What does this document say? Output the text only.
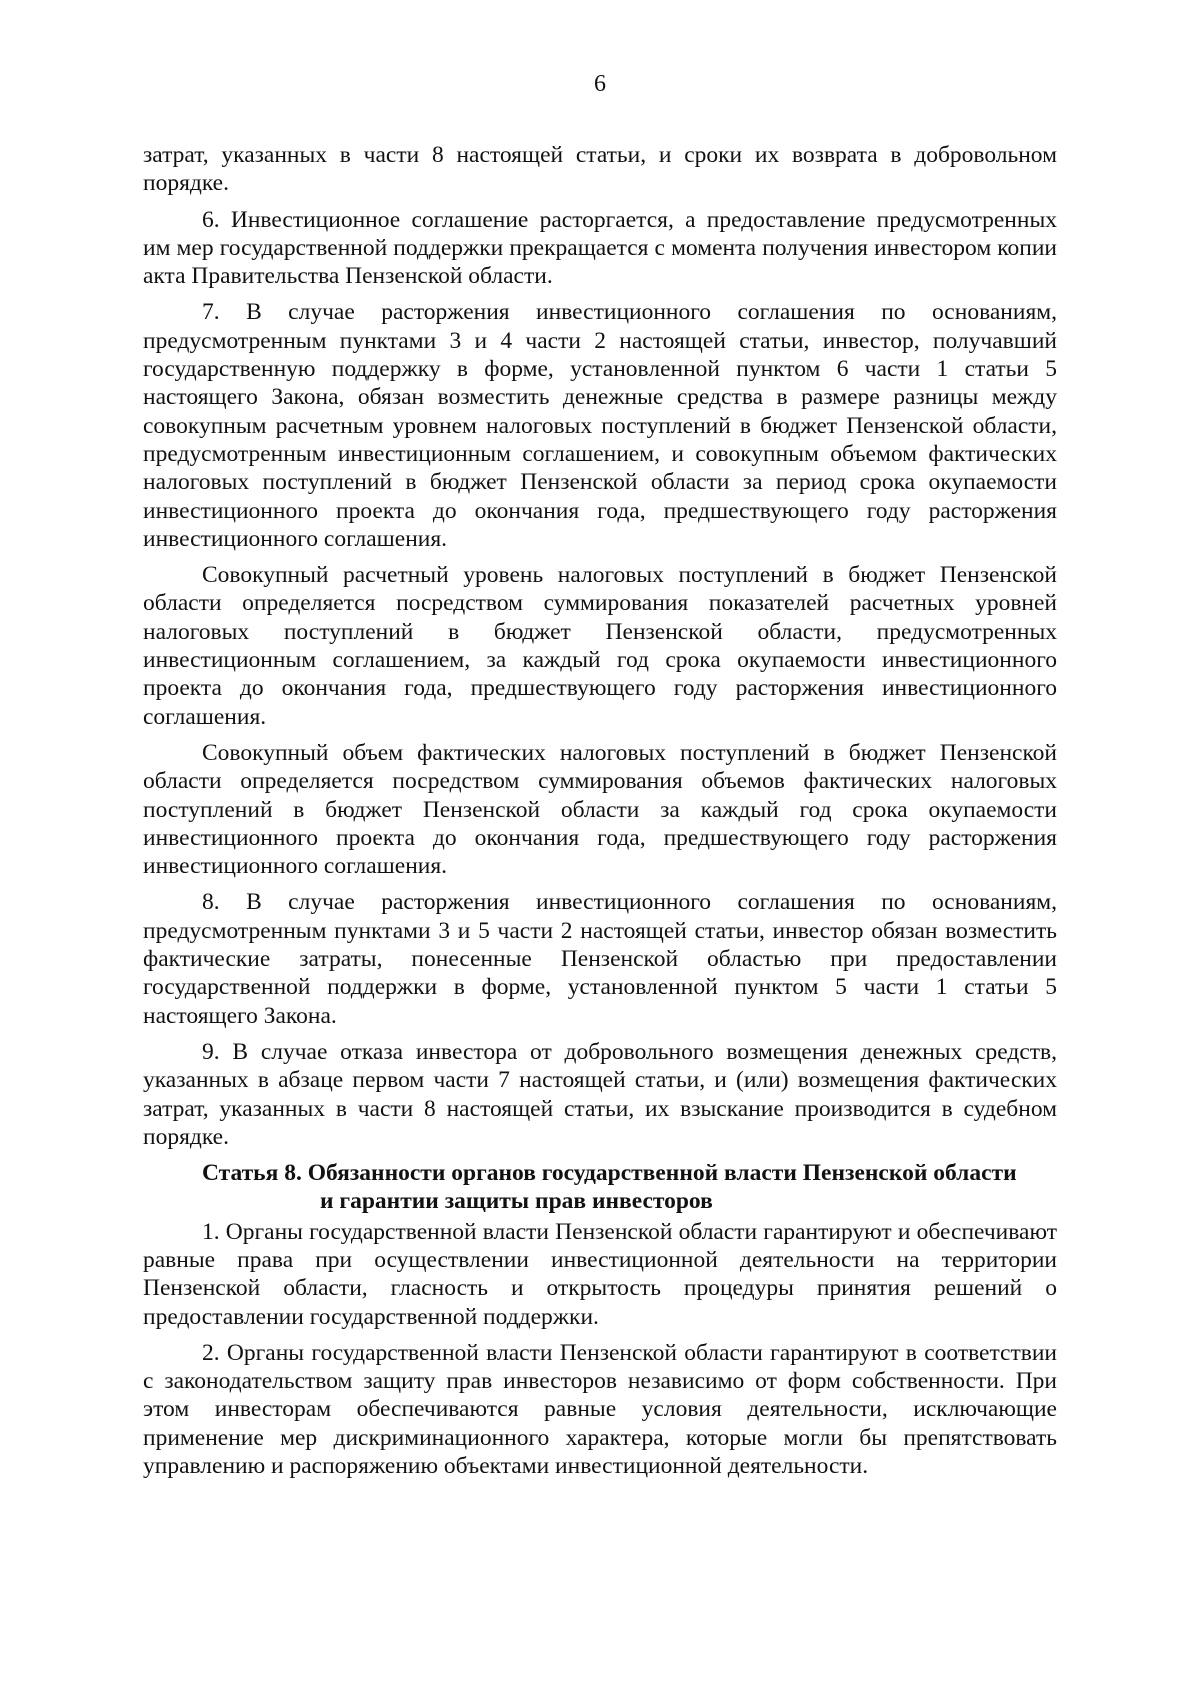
6

затрат, указанных в части 8 настоящей статьи, и сроки их возврата в добровольном порядке.

6. Инвестиционное соглашение расторгается, а предоставление предусмотренных им мер государственной поддержки прекращается с момента получения инвестором копии акта Правительства Пензенской области.

7. В случае расторжения инвестиционного соглашения по основаниям, предусмотренным пунктами 3 и 4 части 2 настоящей статьи, инвестор, получавший государственную поддержку в форме, установленной пунктом 6 части 1 статьи 5 настоящего Закона, обязан возместить денежные средства в размере разницы между совокупным расчетным уровнем налоговых поступлений в бюджет Пензенской области, предусмотренным инвестиционным соглашением, и совокупным объемом фактических налоговых поступлений в бюджет Пензенской области за период срока окупаемости инвестиционного проекта до окончания года, предшествующего году расторжения инвестиционного соглашения.

Совокупный расчетный уровень налоговых поступлений в бюджет Пензенской области определяется посредством суммирования показателей расчетных уровней налоговых поступлений в бюджет Пензенской области, предусмотренных инвестиционным соглашением, за каждый год срока окупаемости инвестиционного проекта до окончания года, предшествующего году расторжения инвестиционного соглашения.

Совокупный объем фактических налоговых поступлений в бюджет Пензенской области определяется посредством суммирования объемов фактических налоговых поступлений в бюджет Пензенской области за каждый год срока окупаемости инвестиционного проекта до окончания года, предшествующего году расторжения инвестиционного соглашения.

8. В случае расторжения инвестиционного соглашения по основаниям, предусмотренным пунктами 3 и 5 части 2 настоящей статьи, инвестор обязан возместить фактические затраты, понесенные Пензенской областью при предоставлении государственной поддержки в форме, установленной пунктом 5 части 1 статьи 5 настоящего Закона.

9. В случае отказа инвестора от добровольного возмещения денежных средств, указанных в абзаце первом части 7 настоящей статьи, и (или) возмещения фактических затрат, указанных в части 8 настоящей статьи, их взыскание производится в судебном порядке.

Статья 8. Обязанности органов государственной власти Пензенской области
и гарантии защиты прав инвесторов

1. Органы государственной власти Пензенской области гарантируют и обеспечивают равные права при осуществлении инвестиционной деятельности на территории Пензенской области, гласность и открытость процедуры принятия решений о предоставлении государственной поддержки.

2. Органы государственной власти Пензенской области гарантируют в соответствии с законодательством защиту прав инвесторов независимо от форм собственности. При этом инвесторам обеспечиваются равные условия деятельности, исключающие применение мер дискриминационного характера, которые могли бы препятствовать управлению и распоряжению объектами инвестиционной деятельности.
